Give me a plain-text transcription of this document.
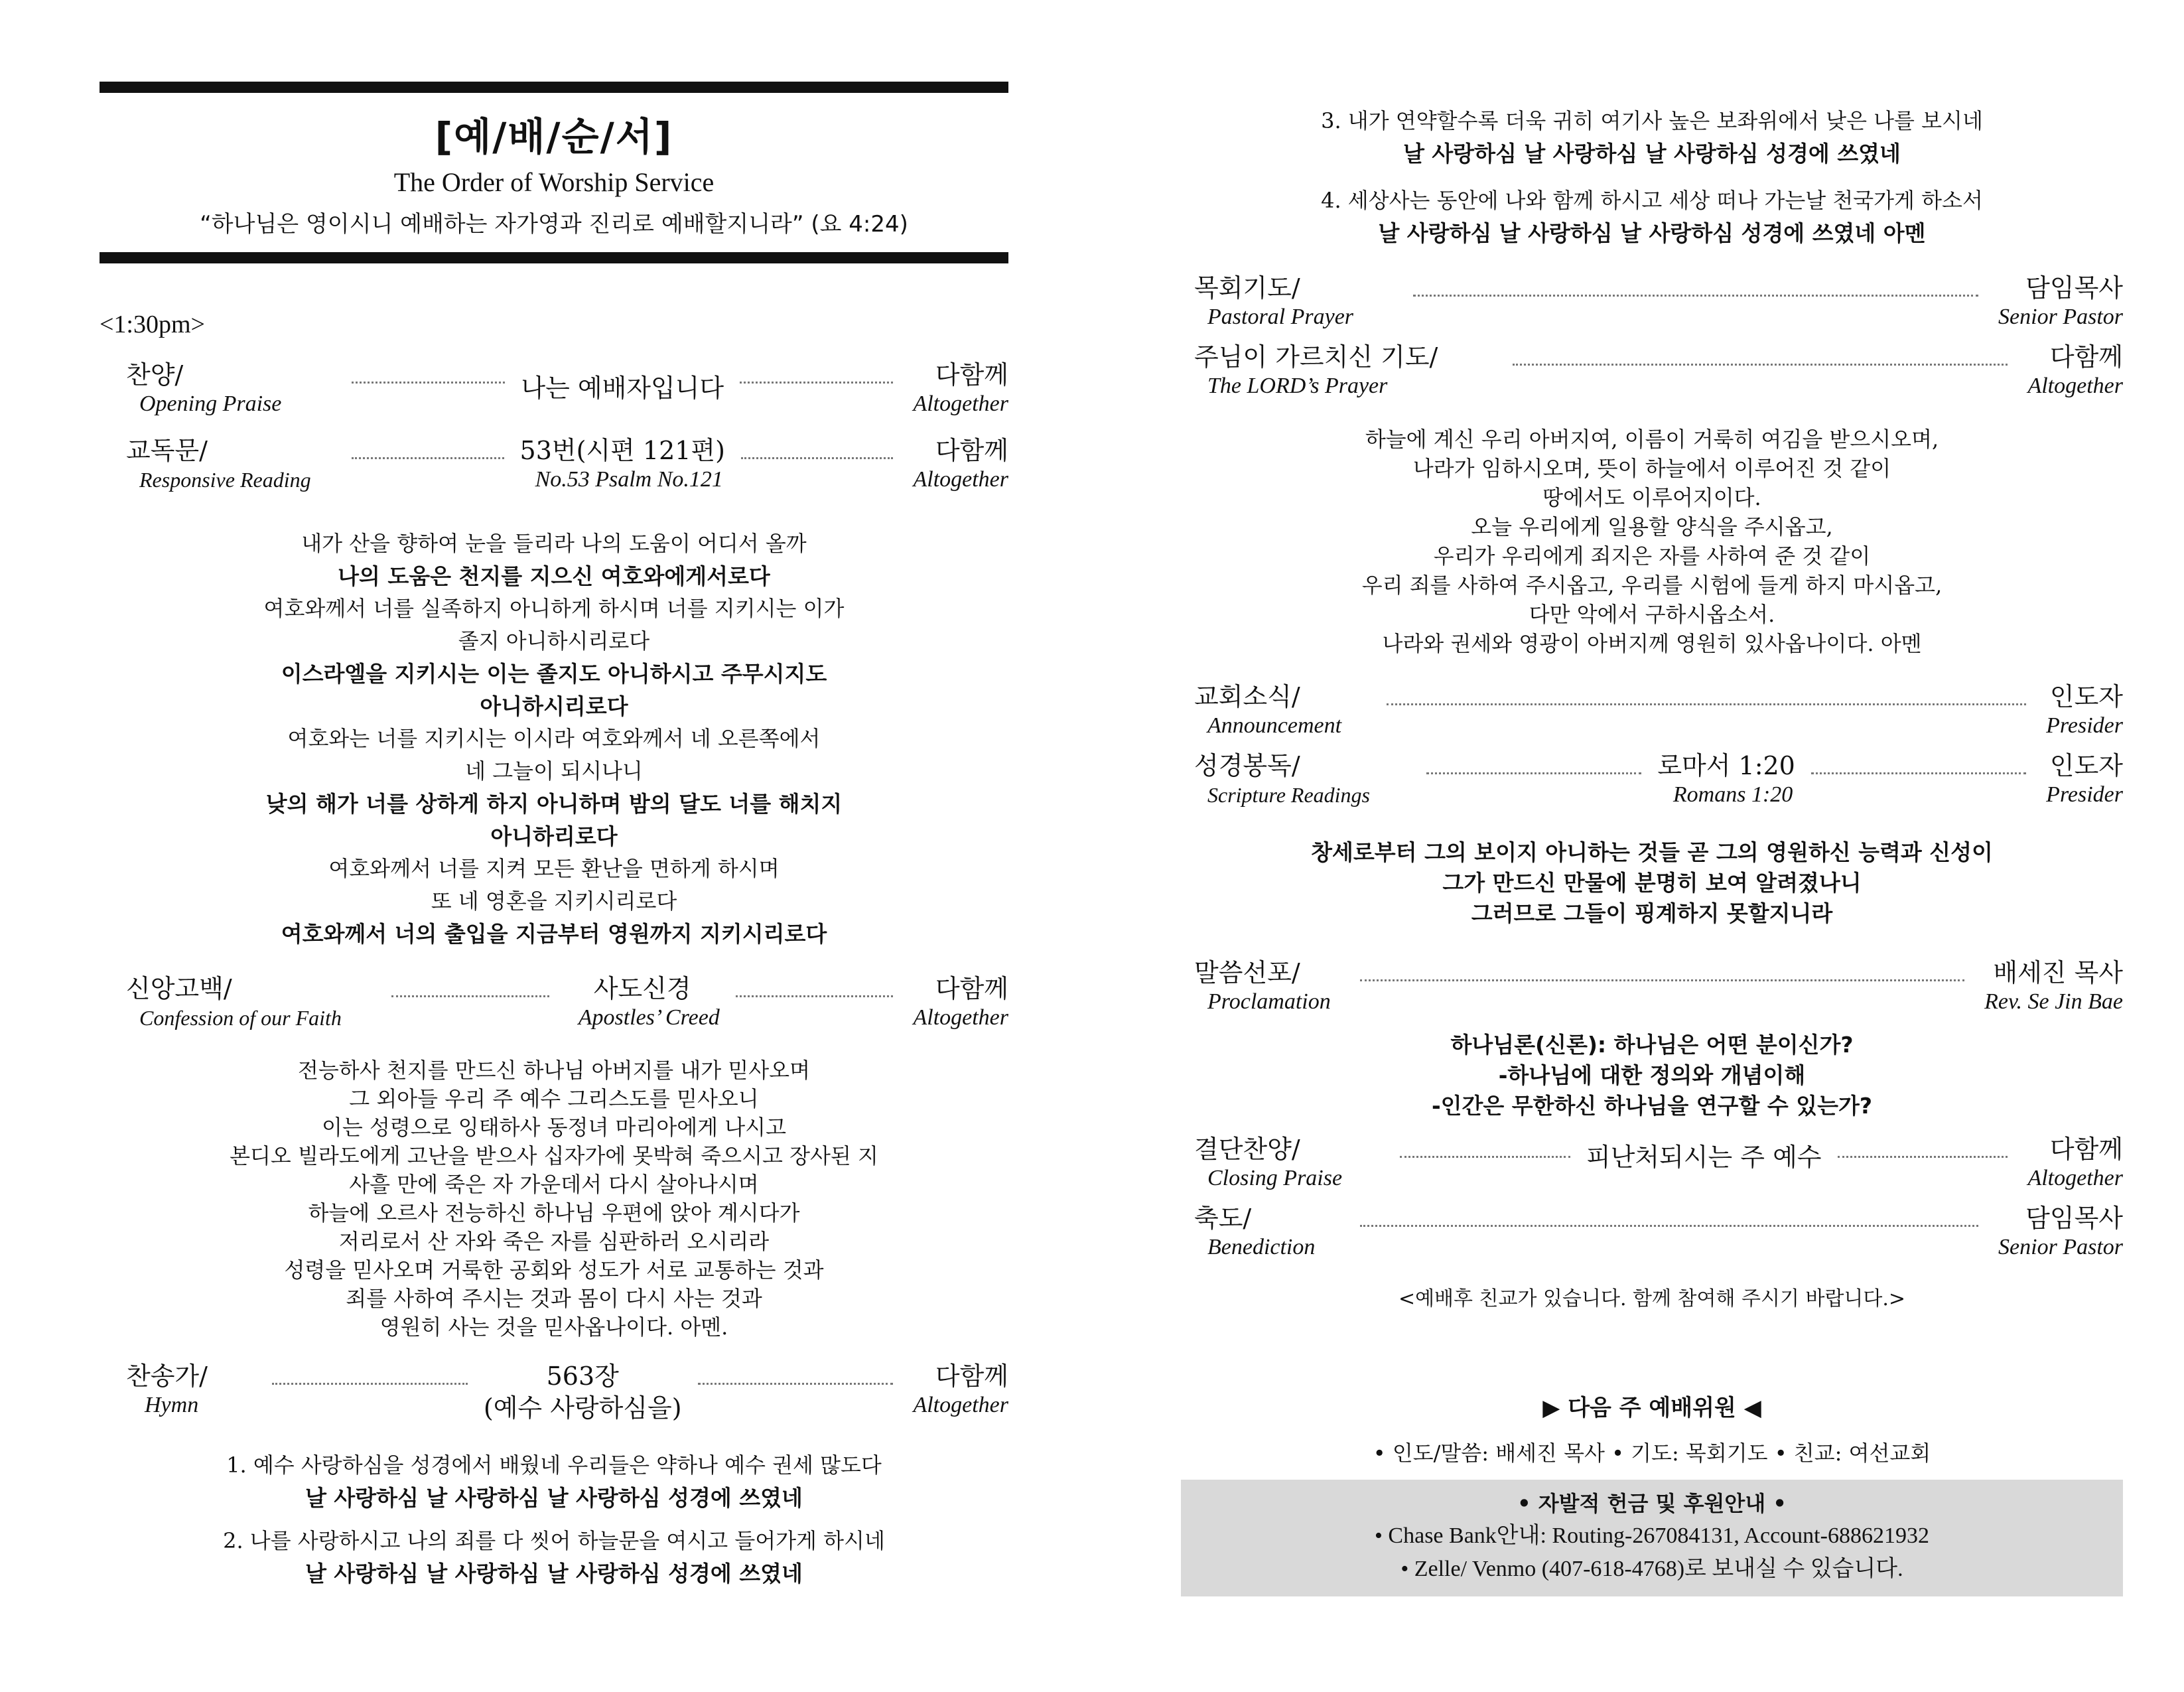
[예/배/순/서]
The Order of Worship Service
“하나님은 영이시니 예배하는 자가영과 진리로 예배할지니라” (요 4:24)
<1:30pm>
찬양/
Opening Praise
나는 예배자입니다	다함께
Altogether
교독문/
Responsive Reading
53번(시편 121편)
No.53 Psalm No.121
다함께
Altogether
내가 산을 향하여 눈을 들리라 나의 도움이 어디서 올까
나의 도움은 천지를 지으신 여호와에게서로다
여호와께서 너를 실족하지 아니하게 하시며 너를 지키시는 이가
졸지 아니하시리로다
이스라엘을 지키시는 이는 졸지도 아니하시고 주무시지도
아니하시리로다
여호와는 너를 지키시는 이시라 여호와께서 네 오른쪽에서
네 그늘이 되시나니
낮의 해가 너를 상하게 하지 아니하며 밤의 달도 너를 해치지
아니하리로다
여호와께서 너를 지켜 모든 환난을 면하게 하시며
또 네 영혼을 지키시리로다
여호와께서 너의 출입을 지금부터 영원까지 지키시리로다
신앙고백/
Confession of our Faith
사도신경
Apostles’ Creed
다함께
Altogether
전능하사 천지를 만드신 하나님 아버지를 내가 믿사오며
그 외아들 우리 주 예수 그리스도를 믿사오니
이는 성령으로 잉태하사 동정녀 마리아에게 나시고
본디오 빌라도에게 고난을 받으사 십자가에 못박혀 죽으시고 장사된 지
사흘 만에 죽은 자 가운데서 다시 살아나시며
하늘에 오르사 전능하신 하나님 우편에 앉아 계시다가
저리로서 산 자와 죽은 자를 심판하러 오시리라
성령을 믿사오며 거룩한 공회와 성도가 서로 교통하는 것과
죄를 사하여 주시는 것과 몸이 다시 사는 것과
영원히 사는 것을 믿사옵나이다. 아멘.
찬송가/
Hymn
563장
(예수 사랑하심을)
다함께
Altogether
1. 예수 사랑하심을 성경에서 배웠네 우리들은 약하나 예수 권세 많도다
날 사랑하심 날 사랑하심 날 사랑하심 성경에 쓰였네
2. 나를 사랑하시고 나의 죄를 다 씻어 하늘문을 여시고 들어가게 하시네
날 사랑하심 날 사랑하심 날 사랑하심 성경에 쓰였네
3. 내가 연약할수록 더욱 귀히 여기사 높은 보좌위에서 낮은 나를 보시네
날 사랑하심 날 사랑하심 날 사랑하심 성경에 쓰였네
4. 세상사는 동안에 나와 함께 하시고 세상 떠나 가는날 천국가게 하소서
날 사랑하심 날 사랑하심 날 사랑하심 성경에 쓰였네 아멘
목회기도/
Pastoral Prayer
담임목사
Senior Pastor
주님이 가르치신 기도/
The LORD’s Prayer
다함께
Altogether
하늘에 계신 우리 아버지여, 이름이 거룩히 여김을 받으시오며,
나라가 임하시오며, 뜻이 하늘에서 이루어진 것 같이
땅에서도 이루어지이다.
오늘 우리에게 일용할 양식을 주시옵고,
우리가 우리에게 죄지은 자를 사하여 준 것 같이
우리 죄를 사하여 주시옵고, 우리를 시험에 들게 하지 마시옵고,
다만 악에서 구하시옵소서.
나라와 권세와 영광이 아버지께 영원히 있사옵나이다. 아멘
교회소식/
Announcement
인도자
Presider
성경봉독/
Scripture Readings
로마서 1:20
Romans 1:20
인도자
Presider
창세로부터 그의 보이지 아니하는 것들 곧 그의 영원하신 능력과 신성이
그가 만드신 만물에 분명히 보여 알려졌나니
그러므로 그들이 핑계하지 못할지니라
말씀선포/
Proclamation
배세진 목사
Rev. Se Jin Bae
하나님론(신론): 하나님은 어떤 분이신가?
-하나님에 대한 정의와 개념이해
-인간은 무한하신 하나님을 연구할 수 있는가?
결단찬양/
Closing Praise
피난처되시는 주 예수	다함께
Altogether
축도/
Benediction
담임목사
Senior Pastor
<예배후 친교가 있습니다. 함께 참여해 주시기 바랍니다.>
▶ 다음 주 예배위원 ◀
• 인도/말씀: 배세진 목사 • 기도: 목회기도 • 친교: 여선교회
• 자발적 헌금 및 후원안내 •
• Chase Bank안내: Routing-267084131, Account-688621932
• Zelle/ Venmo (407-618-4768)로 보내실 수 있습니다.
